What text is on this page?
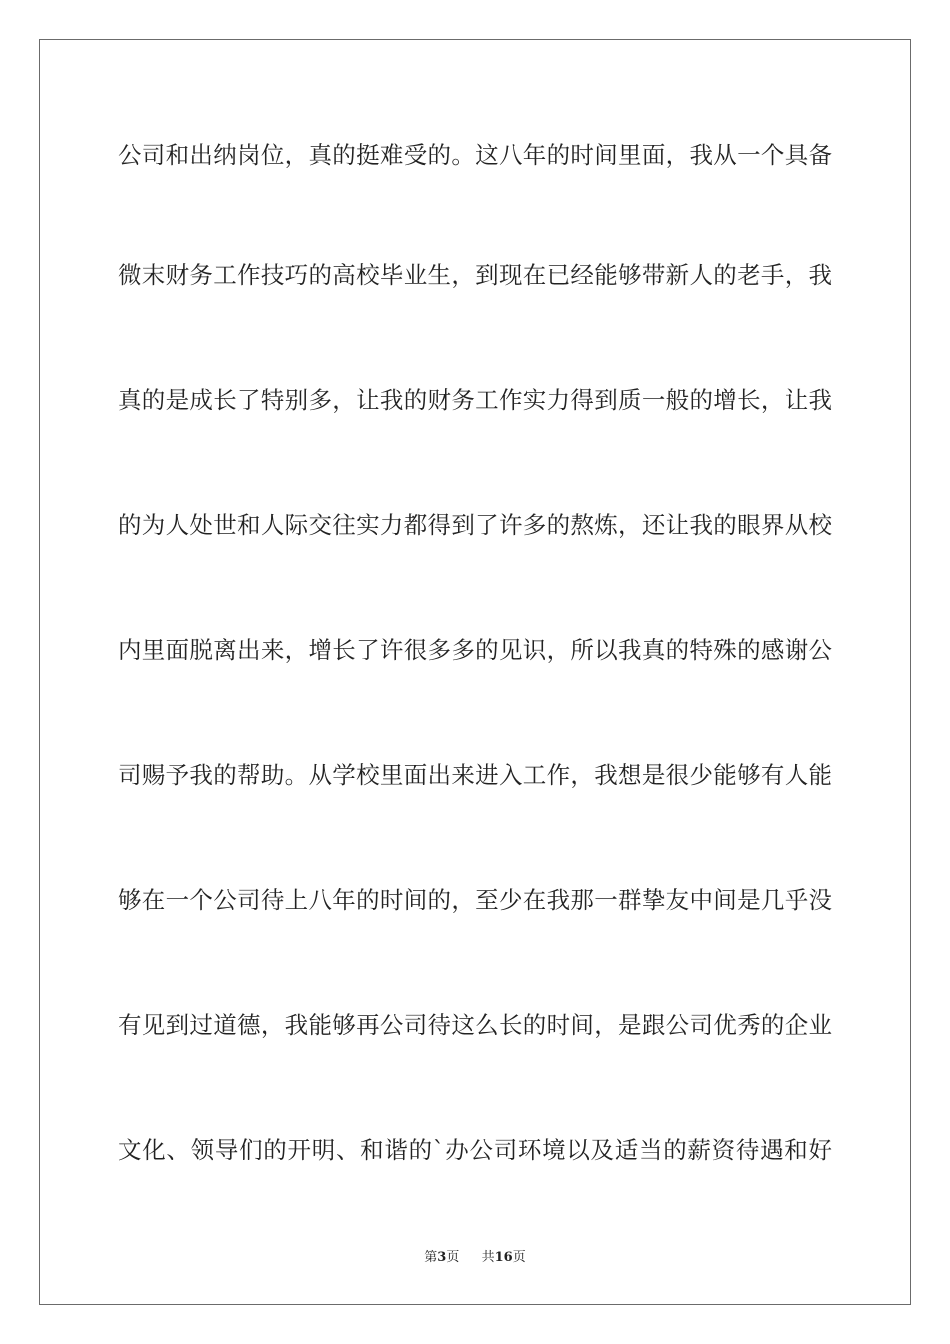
公司和出纳岗位，真的挺难受的。这八年的时间里面，我从一个具备
微末财务工作技巧的高校毕业生，到现在已经能够带新人的老手，我
真的是成长了特别多，让我的财务工作实力得到质一般的增长，让我
的为人处世和人际交往实力都得到了许多的熬炼，还让我的眼界从校
内里面脱离出来，增长了许很多多的见识，所以我真的特殊的感谢公
司赐予我的帮助。从学校里面出来进入工作，我想是很少能够有人能
够在一个公司待上八年的时间的，至少在我那一群挚友中间是几乎没
有见到过道德，我能够再公司待这么长的时间，是跟公司优秀的企业
文化、领导们的开明、和谐的`办公司环境以及适当的薪资待遇和好
第3页 共16页
